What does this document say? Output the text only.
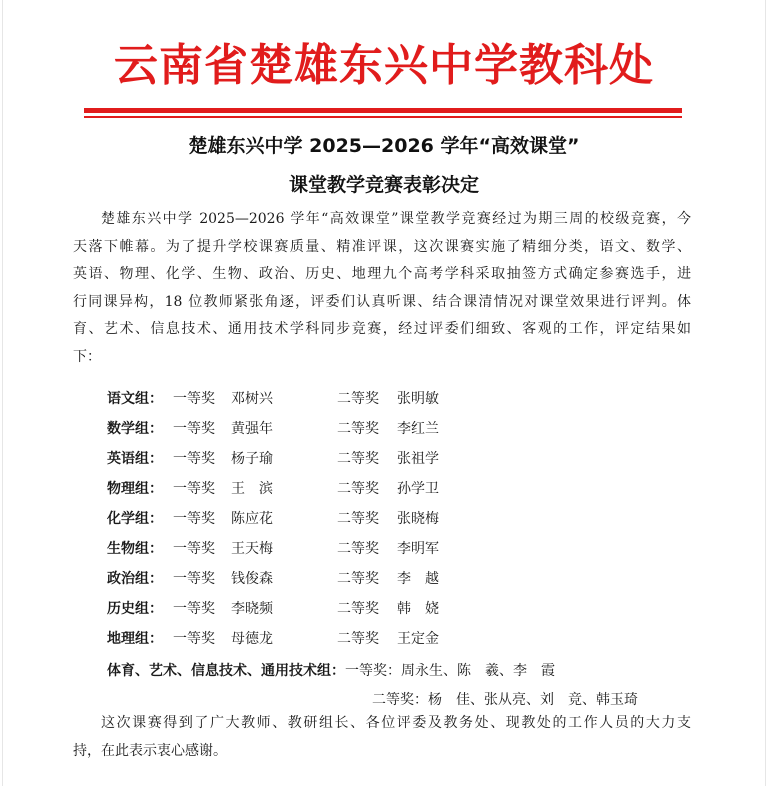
云南省楚雄东兴中学教科处
楚雄东兴中学 2025—2026 学年“高效课堂”
课堂教学竞赛表彰决定
楚雄东兴中学 2025—2026 学年“高效课堂”课堂教学竞赛经过为期三周的校级竞赛，今
天落下帷幕。为了提升学校课赛质量、精准评课，这次课赛实施了精细分类，语文、数学、
英语、物理、化学、生物、政治、历史、地理九个高考学科采取抽签方式确定参赛选手，进
行同课异构，18 位教师紧张角逐，评委们认真听课、结合课清情况对课堂效果进行评判。体
育、艺术、信息技术、通用技术学科同步竞赛，经过评委们细致、客观的工作，评定结果如
下：
语文组： 一等奖 邓树兴	二等奖 张明敏
数学组： 一等奖 黄强年	二等奖 李红兰
英语组： 一等奖 杨子瑜	二等奖 张祖学
物理组： 一等奖 王　滨	二等奖 孙学卫
化学组： 一等奖 陈应花	二等奖 张晓梅
生物组： 一等奖 王天梅	二等奖 李明军
政治组： 一等奖 钱俊森	二等奖 李　越
历史组： 一等奖 李晓频	二等奖 韩　娆
地理组： 一等奖 母德龙	二等奖 王定金
体育、艺术、信息技术、通用技术组：一等奖：周永生、陈　羲、李　霞
二等奖：杨　佳、张从亮、刘　竞、韩玉琦
这次课赛得到了广大教师、教研组长、各位评委及教务处、现教处的工作人员的大力支
持，在此表示衷心感谢。
